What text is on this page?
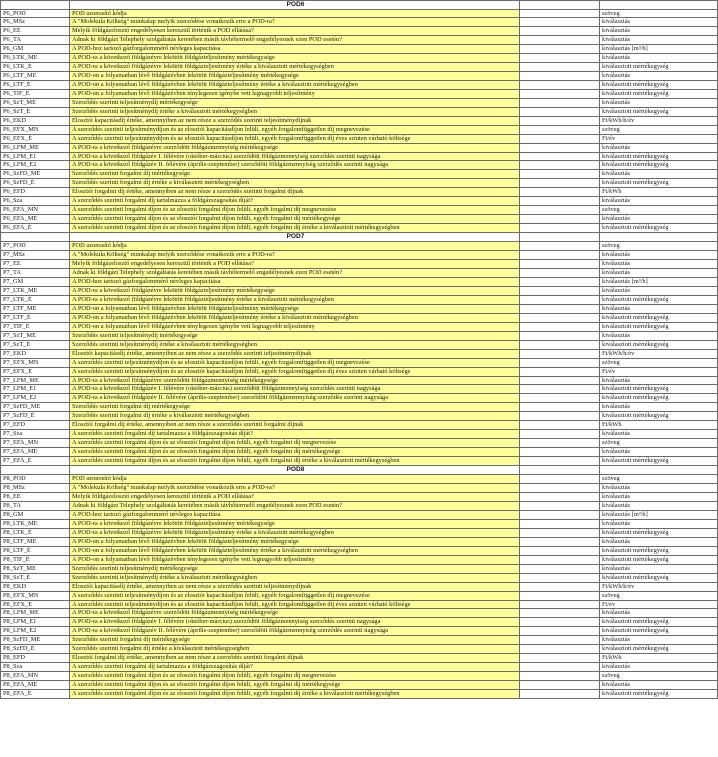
POD6
P6_POD	POD azonosító kódja	szöveg
P6_MSz	A "Molekula Költség" munkalap melyik szerződése vonatkozik erre a POD-ra?	kiválasztás
P6_EE	Melyik földgázelosztó engedélyesen keresztül történik a POD ellátása?	kiválasztás
P6_TA	Adnak ki földgázt Telephely szolgáltatás keretében másik távhőtermelő engedélyesnek ezen POD esetén?	kiválasztás
P6_GM	A POD-hoz tartozó gázforgalommérő névleges kapacitása	kiválasztás [m³/h]
P6_LTK_ME	A POD-ra a következő földgázévre lekötött földgázteljesítmény mértékegysége	kiválasztás
P6_LTK_É	A POD-ra a következő földgázévre lekötött földgázteljesítmény értéke a kiválasztott mértékegységben	kiválasztott mértékegység
P6_LTF_ME	A POD-on a folyamatban lévő földgázévben lekötött földgázteljesítmény mértékegysége	kiválasztás
P6_LTF_É	A POD-on a folyamatban lévő földgázévben lekötött földgázteljesítmény értéke a kiválasztott mértékegységben	kiválasztott mértékegység
P6_TIF_É	A POD-on a folyamatban lévő földgázévben ténylegesen igénybe vett legnagyobb teljesítmény	kiválasztott mértékegység
P6_SzT_ME	Szerződés szerinti teljesítménydíj mértékegysége	kiválasztás
P6_SzT_É	Szerződés szerinti teljesítménydíj értéke a kiválasztott mértékegységben	kiválasztott mértékegység
P6_EKD	Elosztói kapacitásdíj értéke, amennyiben az nem része a szerződés szerinti teljesítménydíjnak	Ft/kWh/h/év
P6_EFX_MN	A szerződés szerinti teljesítménydíjon és az elosztói kapacitásdíjon felüli, egyéb forgalomfüggetlen díj megnevezése	szöveg
P6_EFX_É	A szerződés szerinti teljesítménydíjon és az elosztói kapacitásdíjon felüli, egyéb forgalomfüggetlen díj éves szinten várható költsége	Ft/év
P6_LFM_ME	A POD-ra a következő földgázévre szerződött földgázmennyiség mértékegysége	kiválasztás
P6_LFM_É1	A POD-ra a következő földgázév I. félévére (október-március) szerződött földgázmennyiség szerződés szerinti nagysága	kiválasztott mértékegység
P6_LFM_É2	A POD-ra a következő földgázév II. félévére (április-szeptember) szerződött földgázmennyiség szerződés szerinti nagysága	kiválasztott mértékegység
P6_SzFD_ME	Szerződés szerinti forgalmi díj mértékegysége	kiválasztás
P6_SzFD_É	Szerződés szerinti forgalmi díj értéke a kiválasztott mértékegységben	kiválasztott mértékegység
P6_EFD	Elosztói forgalmi díj értéke, amennyiben az nem része a szerződés szerinti forgalmi díjnak	Ft/kWh
P6_Sza	A szerződés szerinti forgalmi díj tartalmazza a földgázszagosítás díját?	kiválasztás
P6_EFA_MN	A szerződés szerinti forgalmi díjon és az elosztói forgalmi díjon felüli, egyéb forgalmi díj megnevezése	szöveg
P6_EFA_ME	A szerződés szerinti forgalmi díjon és az elosztói forgalmi díjon felüli, egyéb forgalmi díj mértékegysége	kiválasztás
P6_EFA_É	A szerződés szerinti forgalmi díjon és az elosztói forgalmi díjon felüli, egyéb forgalmi díj értéke a kiválasztott mértékegységben	kiválasztott mértékegység
POD7
P7_POD	POD azonosító kódja	szöveg
P7_MSz	A "Molekula Költség" munkalap melyik szerződése vonatkozik erre a POD-ra?	kiválasztás
P7_EE	Melyik földgázelosztó engedélyesen keresztül történik a POD ellátása?	kiválasztás
P7_TA	Adnak ki földgázt Telephely szolgáltatás keretében másik távhőtermelő engedélyesnek ezen POD esetén?	kiválasztás
P7_GM	A POD-hoz tartozó gázforgalommérő névleges kapacitása	kiválasztás [m³/h]
P7_LTK_ME	A POD-ra a következő földgázévre lekötött földgázteljesítmény mértékegysége	kiválasztás
P7_LTK_É	A POD-ra a következő földgázévre lekötött földgázteljesítmény értéke a kiválasztott mértékegységben	kiválasztott mértékegység
P7_LTF_ME	A POD-on a folyamatban lévő földgázévben lekötött földgázteljesítmény mértékegysége	kiválasztás
P7_LTF_É	A POD-on a folyamatban lévő földgázévben lekötött földgázteljesítmény értéke a kiválasztott mértékegységben	kiválasztott mértékegység
P7_TIF_É	A POD-on a folyamatban lévő földgázévben ténylegesen igénybe vett legnagyobb teljesítmény	kiválasztott mértékegység
P7_SzT_ME	Szerződés szerinti teljesítménydíj mértékegysége	kiválasztás
P7_SzT_É	Szerződés szerinti teljesítménydíj értéke a kiválasztott mértékegységben	kiválasztott mértékegység
P7_EKD	Elosztói kapacitásdíj értéke, amennyiben az nem része a szerződés szerinti teljesítménydíjnak	Ft/kWh/h/év
P7_EFX_MN	A szerződés szerinti teljesítménydíjon és az elosztói kapacitásdíjon felüli, egyéb forgalomfüggetlen díj megnevezése	szöveg
P7_EFX_É	A szerződés szerinti teljesítménydíjon és az elosztói kapacitásdíjon felüli, egyéb forgalomfüggetlen díj éves szinten várható költsége	Ft/év
P7_LFM_ME	A POD-ra a következő földgázévre szerződött földgázmennyiség mértékegysége	kiválasztás
P7_LFM_É1	A POD-ra a következő földgázév I. félévére (október-március) szerződött földgázmennyiség szerződés szerinti nagysága	kiválasztott mértékegység
P7_LFM_É2	A POD-ra a következő földgázév II. félévére (április-szeptember) szerződött földgázmennyiség szerződés szerinti nagysága	kiválasztott mértékegység
P7_SzFD_ME	Szerződés szerinti forgalmi díj mértékegysége	kiválasztás
P7_SzFD_É	Szerződés szerinti forgalmi díj értéke a kiválasztott mértékegységben	kiválasztott mértékegység
P7_EFD	Elosztói forgalmi díj értéke, amennyiben az nem része a szerződés szerinti forgalmi díjnak	Ft/kWh
P7_Sza	A szerződés szerinti forgalmi díj tartalmazza a földgázszagosítás díját?	kiválasztás
P7_EFA_MN	A szerződés szerinti forgalmi díjon és az elosztói forgalmi díjon felüli, egyéb forgalmi díj megnevezése	szöveg
P7_EFA_ME	A szerződés szerinti forgalmi díjon és az elosztói forgalmi díjon felüli, egyéb forgalmi díj mértékegysége	kiválasztás
P7_EFA_É	A szerződés szerinti forgalmi díjon és az elosztói forgalmi díjon felüli, egyéb forgalmi díj értéke a kiválasztott mértékegységben	kiválasztott mértékegység
POD8
P8_POD	POD azonosító kódja	szöveg
P8_MSz	A "Molekula Költség" munkalap melyik szerződése vonatkozik erre a POD-ra?	kiválasztás
P8_EE	Melyik földgázelosztó engedélyesen keresztül történik a POD ellátása?	kiválasztás
P8_TA	Adnak ki földgázt Telephely szolgáltatás keretében másik távhőtermelő engedélyesnek ezen POD esetén?	kiválasztás
P8_GM	A POD-hoz tartozó gázforgalommérő névleges kapacitása	kiválasztás [m³/h]
P8_LTK_ME	A POD-ra a következő földgázévre lekötött földgázteljesítmény mértékegysége	kiválasztás
P8_LTK_É	A POD-ra a következő földgázévre lekötött földgázteljesítmény értéke a kiválasztott mértékegységben	kiválasztott mértékegység
P8_LTF_ME	A POD-on a folyamatban lévő földgázévben lekötött földgázteljesítmény mértékegysége	kiválasztás
P8_LTF_É	A POD-on a folyamatban lévő földgázévben lekötött földgázteljesítmény értéke a kiválasztott mértékegységben	kiválasztott mértékegység
P8_TIF_É	A POD-on a folyamatban lévő földgázévben ténylegesen igénybe vett legnagyobb teljesítmény	kiválasztott mértékegység
P8_SzT_ME	Szerződés szerinti teljesítménydíj mértékegysége	kiválasztás
P8_SzT_É	Szerződés szerinti teljesítménydíj értéke a kiválasztott mértékegységben	kiválasztott mértékegység
P8_EKD	Elosztói kapacitásdíj értéke, amennyiben az nem része a szerződés szerinti teljesítménydíjnak	Ft/kWh/h/év
P8_EFX_MN	A szerződés szerinti teljesítménydíjon és az elosztói kapacitásdíjon felüli, egyéb forgalomfüggetlen díj megnevezése	szöveg
P8_EFX_É	A szerződés szerinti teljesítménydíjon és az elosztói kapacitásdíjon felüli, egyéb forgalomfüggetlen díj éves szinten várható költsége	Ft/év
P8_LFM_ME	A POD-ra a következő földgázévre szerződött földgázmennyiség mértékegysége	kiválasztás
P8_LFM_É1	A POD-ra a következő földgázév I. félévére (október-március) szerződött földgázmennyiség szerződés szerinti nagysága	kiválasztott mértékegység
P8_LFM_É2	A POD-ra a következő földgázév II. félévére (április-szeptember) szerződött földgázmennyiség szerződés szerinti nagysága	kiválasztott mértékegység
P8_SzFD_ME	Szerződés szerinti forgalmi díj mértékegysége	kiválasztás
P8_SzFD_É	Szerződés szerinti forgalmi díj értéke a kiválasztott mértékegységben	kiválasztott mértékegység
P8_EFD	Elosztói forgalmi díj értéke, amennyiben az nem része a szerződés szerinti forgalmi díjnak	Ft/kWh
P8_Sza	A szerződés szerinti forgalmi díj tartalmazza a földgázszagosítás díját?	kiválasztás
P8_EFA_MN	A szerződés szerinti forgalmi díjon és az elosztói forgalmi díjon felüli, egyéb forgalmi díj megnevezése	szöveg
P8_EFA_ME	A szerződés szerinti forgalmi díjon és az elosztói forgalmi díjon felüli, egyéb forgalmi díj mértékegysége	kiválasztás
P8_EFA_É	A szerződés szerinti forgalmi díjon és az elosztói forgalmi díjon felüli, egyéb forgalmi díj értéke a kiválasztott mértékegységben	kiválasztott mértékegység
